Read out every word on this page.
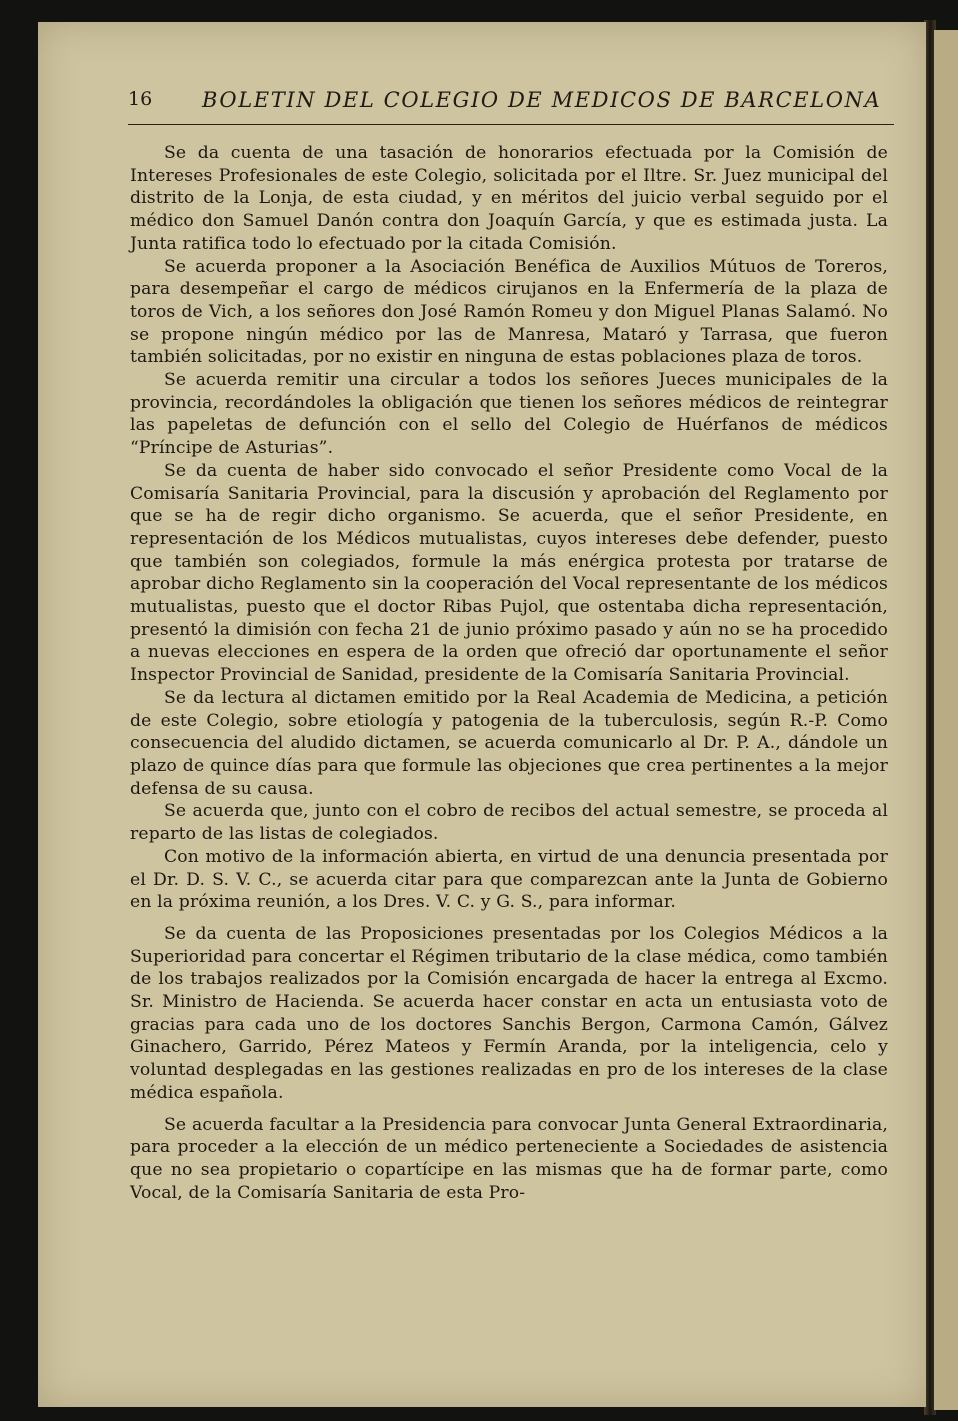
16 BOLETIN DEL COLEGIO DE MEDICOS DE BARCELONA

Se da cuenta de una tasación de honorarios efectuada por la Comisión de Intereses Profesionales de este Colegio, solicitada por el Iltre. Sr. Juez municipal del distrito de la Lonja, de esta ciudad, y en méritos del juicio verbal seguido por el médico don Samuel Danón contra don Joaquín García, y que es estimada justa. La Junta ratifica todo lo efectuado por la citada Comisión.

Se acuerda proponer a la Asociación Benéfica de Auxilios Mútuos de Toreros, para desempeñar el cargo de médicos cirujanos en la Enfermería de la plaza de toros de Vich, a los señores don José Ramón Romeu y don Miguel Planas Salamó. No se propone ningún médico por las de Manresa, Mataró y Tarrasa, que fueron también solicitadas, por no existir en ninguna de estas poblaciones plaza de toros.

Se acuerda remitir una circular a todos los señores Jueces municipales de la provincia, recordándoles la obligación que tienen los señores médicos de reintegrar las papeletas de defunción con el sello del Colegio de Huérfanos de médicos “Príncipe de Asturias”.

Se da cuenta de haber sido convocado el señor Presidente como Vocal de la Comisaría Sanitaria Provincial, para la discusión y aprobación del Reglamento por que se ha de regir dicho organismo. Se acuerda, que el señor Presidente, en representación de los Médicos mutualistas, cuyos intereses debe defender, puesto que también son colegiados, formule la más enérgica protesta por tratarse de aprobar dicho Reglamento sin la cooperación del Vocal representante de los médicos mutualistas, puesto que el doctor Ribas Pujol, que ostentaba dicha representación, presentó la dimisión con fecha 21 de junio próximo pasado y aún no se ha procedido a nuevas elecciones en espera de la orden que ofreció dar oportunamente el señor Inspector Provincial de Sanidad, presidente de la Comisaría Sanitaria Provincial.

Se da lectura al dictamen emitido por la Real Academia de Medicina, a petición de este Colegio, sobre etiología y patogenia de la tuberculosis, según R.-P. Como consecuencia del aludido dictamen, se acuerda comunicarlo al Dr. P. A., dándole un plazo de quince días para que formule las objeciones que crea pertinentes a la mejor defensa de su causa.

Se acuerda que, junto con el cobro de recibos del actual semestre, se proceda al reparto de las listas de colegiados.

Con motivo de la información abierta, en virtud de una denuncia presentada por el Dr. D. S. V. C., se acuerda citar para que comparezcan ante la Junta de Gobierno en la próxima reunión, a los Dres. V. C. y G. S., para informar.

Se da cuenta de las Proposiciones presentadas por los Colegios Médicos a la Superioridad para concertar el Régimen tributario de la clase médica, como también de los trabajos realizados por la Comisión encargada de hacer la entrega al Excmo. Sr. Ministro de Hacienda. Se acuerda hacer constar en acta un entusiasta voto de gracias para cada uno de los doctores Sanchis Bergon, Carmona Camón, Gálvez Ginachero, Garrido, Pérez Mateos y Fermín Aranda, por la inteligencia, celo y voluntad desplegadas en las gestiones realizadas en pro de los intereses de la clase médica española.

Se acuerda facultar a la Presidencia para convocar Junta General Extraordinaria, para proceder a la elección de un médico perteneciente a Sociedades de asistencia que no sea propietario o copartícipe en las mismas que ha de formar parte, como Vocal, de la Comisaría Sanitaria de esta Pro-
